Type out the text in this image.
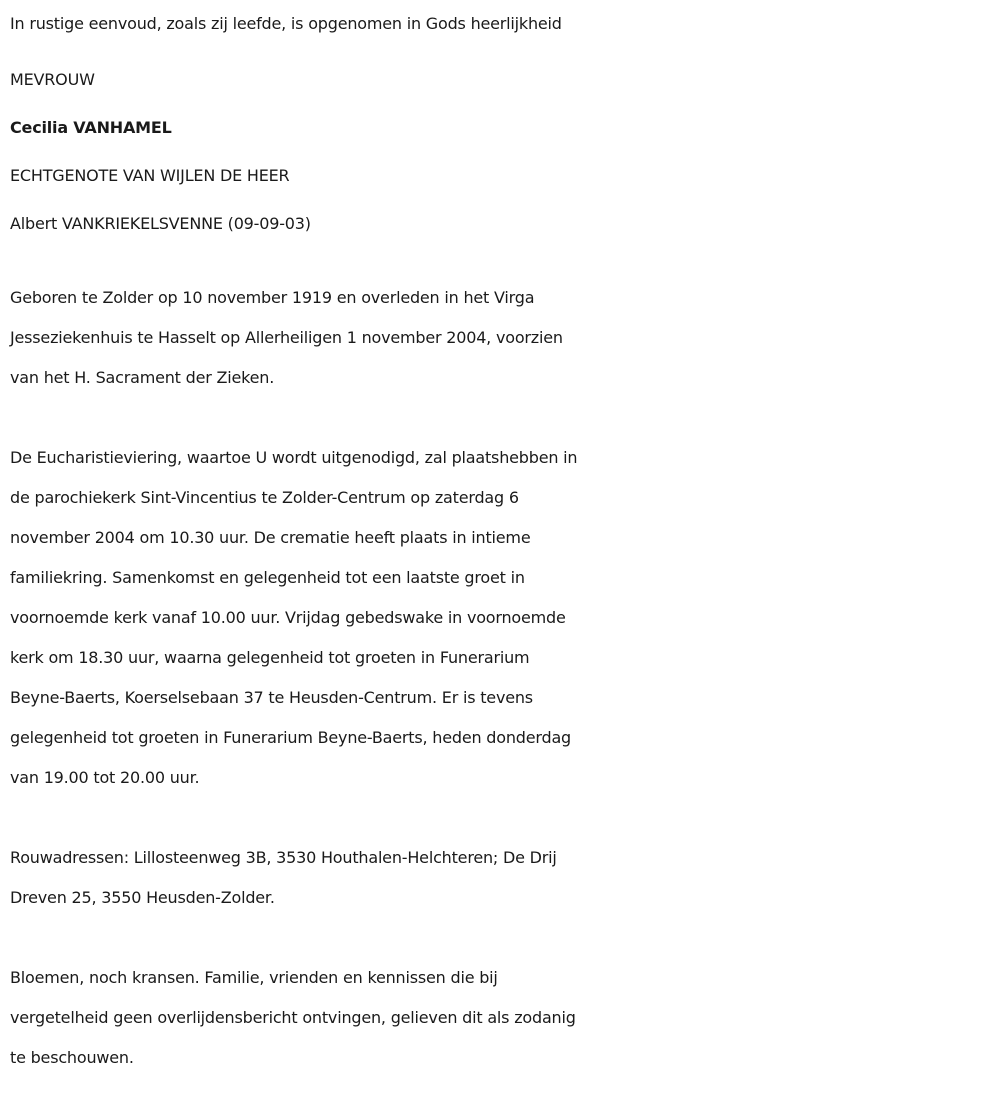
In rustige eenvoud, zoals zij leefde, is opgenomen in Gods heerlijkheid
MEVROUW
Cecilia VANHAMEL
ECHTGENOTE VAN WIJLEN DE HEER
Albert VANKRIEKELSVENNE (09-09-03)

Geboren te Zolder op 10 november 1919 en overleden in het Virga
Jesseziekenhuis te Hasselt op Allerheiligen 1 november 2004, voorzien
van het H. Sacrament der Zieken.

De Eucharistieviering, waartoe U wordt uitgenodigd, zal plaatshebben in
de parochiekerk Sint-Vincentius te Zolder-Centrum op zaterdag 6
november 2004 om 10.30 uur. De crematie heeft plaats in intieme
familiekring. Samenkomst en gelegenheid tot een laatste groet in
voornoemde kerk vanaf 10.00 uur. Vrijdag gebedswake in voornoemde
kerk om 18.30 uur, waarna gelegenheid tot groeten in Funerarium
Beyne-Baerts, Koerselsebaan 37 te Heusden-Centrum. Er is tevens
gelegenheid tot groeten in Funerarium Beyne-Baerts, heden donderdag
van 19.00 tot 20.00 uur.

Rouwadressen: Lillosteenweg 3B, 3530 Houthalen-Helchteren; De Drij
Dreven 25, 3550 Heusden-Zolder.

Bloemen, noch kransen. Familie, vrienden en kennissen die bij
vergetelheid geen overlijdensbericht ontvingen, gelieven dit als zodanig
te beschouwen.
